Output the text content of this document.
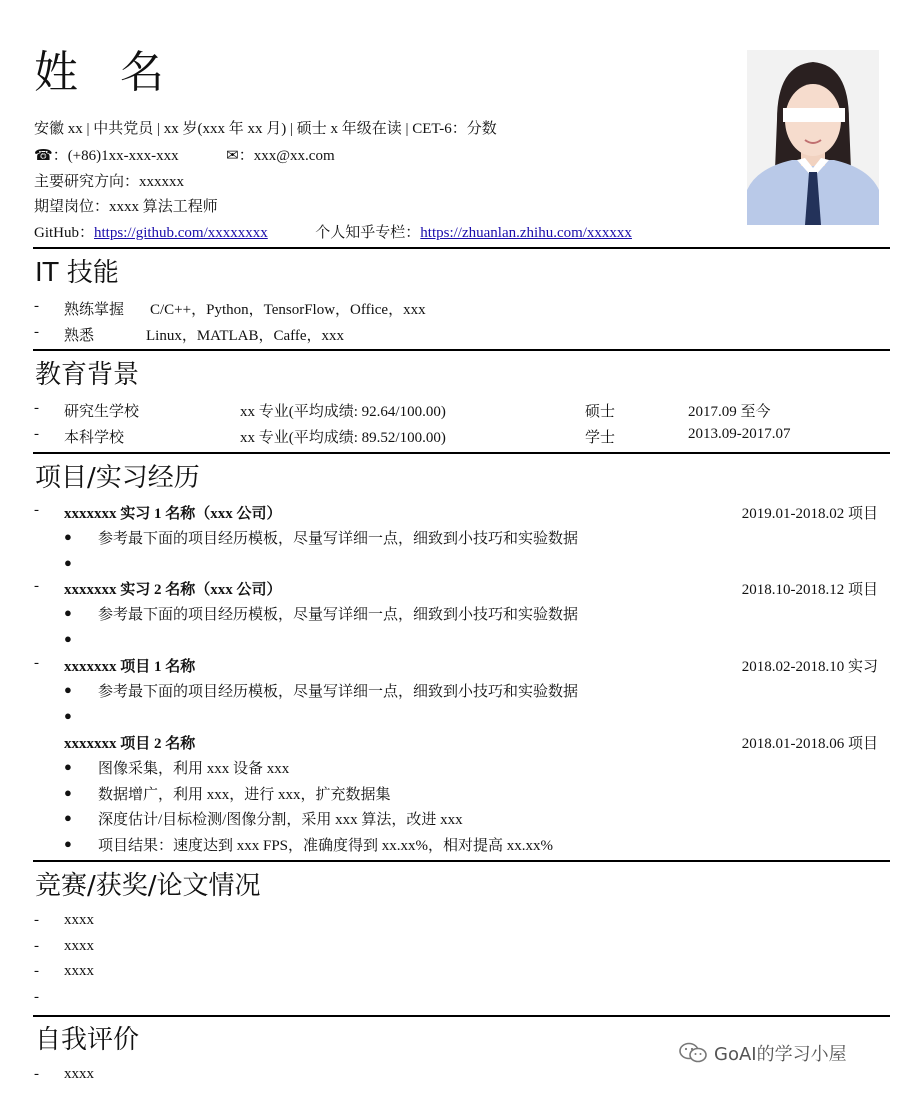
姓 名
安徽 xx | 中共党员 | xx 岁(xxx 年 xx 月) | 硕士 x 年级在读 | CET-6：分数
☎：(+86)1xx-xxx-xxx	✉：xxx@xx.com
主要研究方向：xxxxxx
期望岗位：xxxx 算法工程师
GitHub：https://github.com/xxxxxxxx	个人知乎专栏：https://zhuanlan.zhihu.com/xxxxxx
IT 技能
- 熟练掌握 C/C++，Python，TensorFlow，Office，xxx
- 熟悉	Linux，MATLAB，Caffe，xxx
教育背景
- 研究生学校	xx 专业(平均成绩: 92.64/100.00)	硕士	2017.09 至今
- 本科学校	xx 专业(平均成绩: 89.52/100.00)	学士	2013.09-2017.07
项目/实习经历
- xxxxxxx 实习 1 名称（xxx 公司）	2019.01-2018.02 项目
● 参考最下面的项目经历模板，尽量写详细一点，细致到小技巧和实验数据
●
- xxxxxxx 实习 2 名称（xxx 公司）	2018.10-2018.12 项目
● 参考最下面的项目经历模板，尽量写详细一点，细致到小技巧和实验数据
●
- xxxxxxx 项目 1 名称	2018.02-2018.10 实习
● 参考最下面的项目经历模板，尽量写详细一点，细致到小技巧和实验数据
●
xxxxxxx 项目 2 名称	2018.01-2018.06 项目
● 图像采集，利用 xxx 设备 xxx
● 数据增广，利用 xxx，进行 xxx，扩充数据集
● 深度估计/目标检测/图像分割，采用 xxx 算法，改进 xxx
● 项目结果：速度达到 xxx FPS，准确度得到 xx.xx%，相对提高 xx.xx%
竞赛/获奖/论文情况
- xxxx
- xxxx
- xxxx
-
自我评价
- xxxx
GoAI的学习小屋
